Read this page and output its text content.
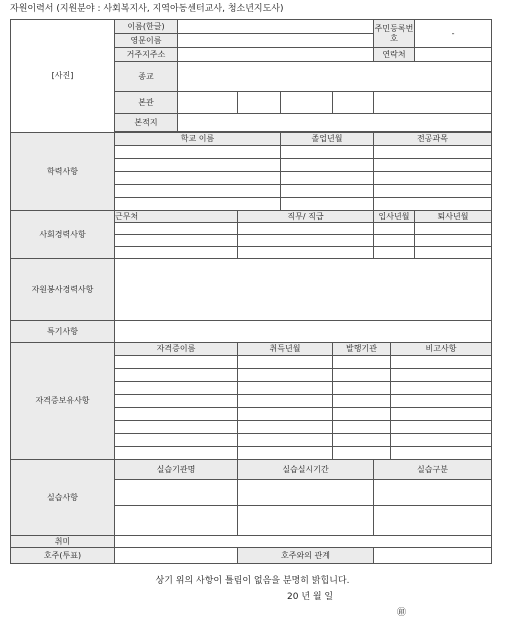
자원이력서 (지원분야 : 사회복지사, 지역아동센터교사, 청소년지도사)
[사진]	이름(한글)					주민등록번호		-
	영문이름							
	거주지주소					연락처		
	종교							
	본관							
	본적지							

학력사항	학교 이름			졸업년월		전공과목		

사회경력사항	근무처		직무/ 직급			입사년월		퇴사년월

자원봉사경력사항								
특기사항								
자격증보유사항	자격증이름		취득년월		발행기관		비고사항	

실습사항	실습기관명		실습실시기간			실습구분		

취미								
호주(투표)			호주와의 관계					
상기 위의 사항이 틀림이 없음을 분명히 밝힙니다.
20 년 월 일
㊞
